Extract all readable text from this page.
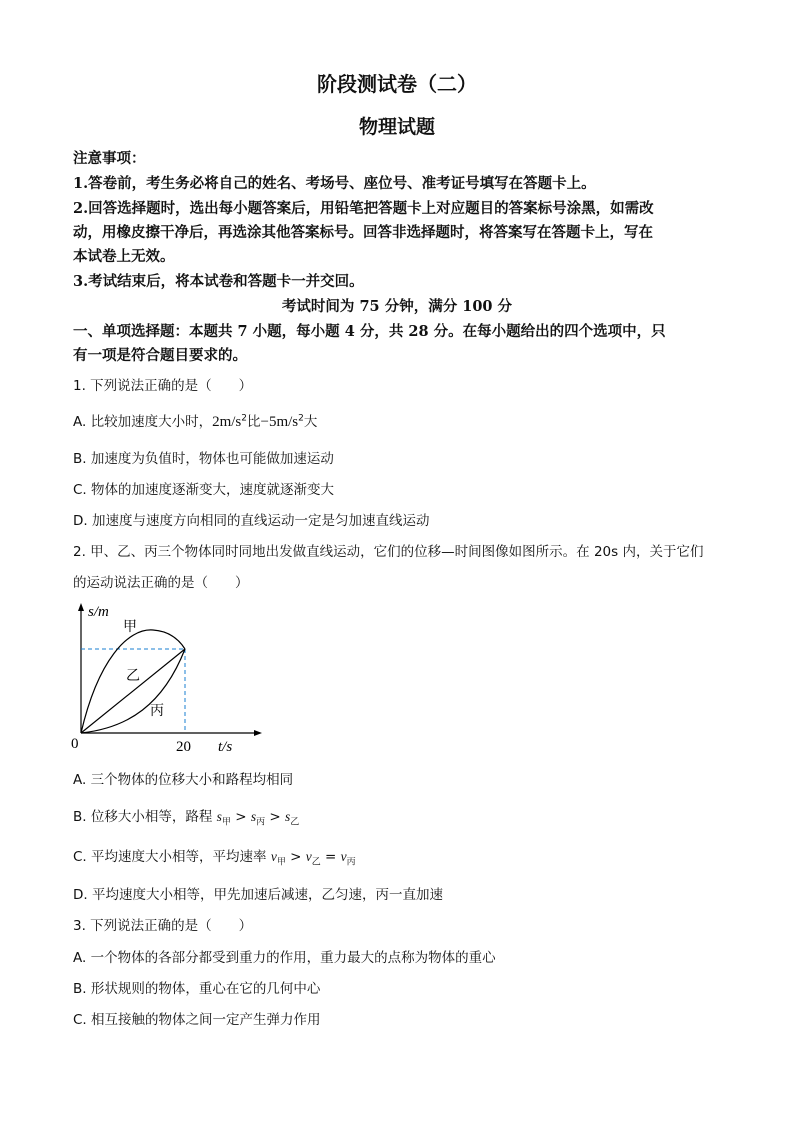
阶段测试卷（二）
物理试题
注意事项：
1.答卷前，考生务必将自己的姓名、考场号、座位号、准考证号填写在答题卡上。
2.回答选择题时，选出每小题答案后，用铅笔把答题卡上对应题目的答案标号涂黑，如需改
动，用橡皮擦干净后，再选涂其他答案标号。回答非选择题时，将答案写在答题卡上，写在
本试卷上无效。
3.考试结束后，将本试卷和答题卡一并交回。
考试时间为 75 分钟，满分 100 分
一、单项选择题：本题共 7 小题，每小题 4 分，共 28 分。在每小题给出的四个选项中，只
有一项是符合题目要求的。
1. 下列说法正确的是（　　）
A. 比较加速度大小时，$2m/s^2$比$-5m/s^2$大
B. 加速度为负值时，物体也可能做加速运动
C. 物体的加速度逐渐变大，速度就逐渐变大
D. 加速度与速度方向相同的直线运动一定是匀加速直线运动
2. 甲、乙、丙三个物体同时同地出发做直线运动，它们的位移—时间图像如图所示。在 20s 内，关于它们
的运动说法正确的是（　　）
s/m
甲
乙
丙
0	20 t/s
A. 三个物体的位移大小和路程均相同
B. 位移大小相等，路程 $s_甲 > s_丙 > s_乙$
C. 平均速度大小相等，平均速率 $v_甲 > v_乙 = v_丙$
D. 平均速度大小相等，甲先加速后减速，乙匀速，丙一直加速
3. 下列说法正确的是（　　）
A. 一个物体的各部分都受到重力的作用，重力最大的点称为物体的重心
B. 形状规则的物体，重心在它的几何中心
C. 相互接触的物体之间一定产生弹力作用
